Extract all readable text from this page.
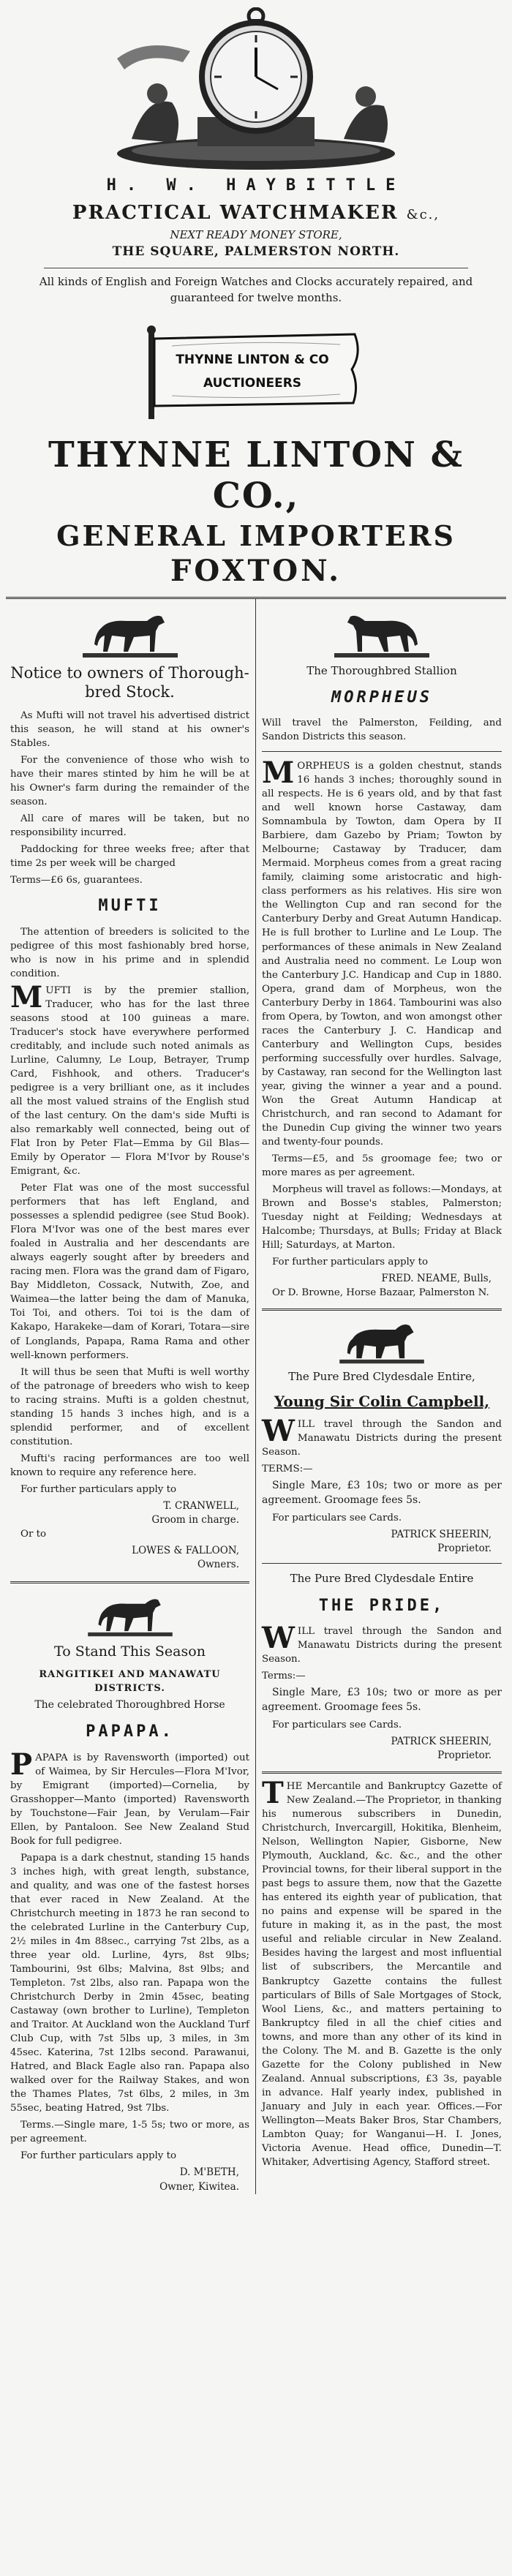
H. W. HAYBITTLE
PRACTICAL WATCHMAKER &c.,
NEXT READY MONEY STORE,
THE SQUARE, PALMERSTON NORTH.
All kinds of English and Foreign Watches and Clocks accurately repaired, and guaranteed for twelve months.
THYNNE LINTON & CO
AUCTIONEERS
THYNNE LINTON & CO.,
GENERAL IMPORTERS
FOXTON.
Notice to owners of Thorough-bred Stock.

As Mufti will not travel his advertised district this season, he will stand at his owner's Stables.

For the convenience of those who wish to have their mares stinted by him he will be at his Owner's farm during the remainder of the season.

All care of mares will be taken, but no responsibility incurred.

Paddocking for three weeks free; after that time 2s per week will be charged

Terms—£6 6s, guarantees.

MUFTI

The attention of breeders is solicited to the pedigree of this most fashionably bred horse, who is now in his prime and in splendid condition.

MUFTI is by the premier stallion, Traducer, who has for the last three seasons stood at 100 guineas a mare. Traducer's stock have everywhere performed creditably, and include such noted animals as Lurline, Calumny, Le Loup, Betrayer, Trump Card, Fishhook, and others. Traducer's pedigree is a very brilliant one, as it includes all the most valued strains of the English stud of the last century. On the dam's side Mufti is also remarkably well connected, being out of Flat Iron by Peter Flat—Emma by Gil Blas—Emily by Operator — Flora M'Ivor by Rouse's Emigrant, &c.

Peter Flat was one of the most successful performers that has left England, and possesses a splendid pedigree (see Stud Book). Flora M'Ivor was one of the best mares ever foaled in Australia and her descendants are always eagerly sought after by breeders and racing men. Flora was the grand dam of Figaro, Bay Middleton, Cossack, Nutwith, Zoe, and Waimea—the latter being the dam of Manuka, Toi Toi, and others. Toi toi is the dam of Kakapo, Harakeke—dam of Korari, Totara—sire of Longlands, Papapa, Rama Rama and other well-known performers.

It will thus be seen that Mufti is well worthy of the patronage of breeders who wish to keep to racing strains. Mufti is a golden chestnut, standing 15 hands 3 inches high, and is a splendid performer, and of excellent constitution.

Mufti's racing performances are too well known to require any reference here.

For further particulars apply to

T. CRANWELL,
Groom in charge.

Or to

LOWES & FALLOON,
Owners.
To Stand This Season
RANGITIKEI AND MANAWATU DISTRICTS.
The celebrated Thoroughbred Horse
PAPAPA.

PAPAPA is by Ravensworth (imported) out of Waimea, by Sir Hercules—Flora M'Ivor, by Emigrant (imported)—Cornelia, by Grasshopper—Manto (imported) Ravensworth by Touchstone—Fair Jean, by Verulam—Fair Ellen, by Pantaloon. See New Zealand Stud Book for full pedigree.

Papapa is a dark chestnut, standing 15 hands 3 inches high, with great length, substance, and quality, and was one of the fastest horses that ever raced in New Zealand. At the Christchurch meeting in 1873 he ran second to the celebrated Lurline in the Canterbury Cup, 2½ miles in 4m 88sec., carrying 7st 2lbs, as a three year old. Lurline, 4yrs, 8st 9lbs; Tambourini, 9st 6lbs; Malvina, 8st 9lbs; and Templeton. 7st 2lbs, also ran. Papapa won the Christchurch Derby in 2min 45sec, beating Castaway (own brother to Lurline), Templeton and Traitor. At Auckland won the Auckland Turf Club Cup, with 7st 5lbs up, 3 miles, in 3m 45sec. Katerina, 7st 12lbs second. Parawanui, Hatred, and Black Eagle also ran. Papapa also walked over for the Railway Stakes, and won the Thames Plates, 7st 6lbs, 2 miles, in 3m 55sec, beating Hatred, 9st 7lbs.

Terms.—Single mare, 1-5 5s; two or more, as per agreement.

For further particulars apply to

D. M'BETH,
Owner, Kiwitea.
The Thoroughbred Stallion
MORPHEUS

Will travel the Palmerston, Feilding, and Sandon Districts this season.

MORPHEUS is a golden chestnut, stands 16 hands 3 inches; thoroughly sound in all respects. He is 6 years old, and by that fast and well known horse Castaway, dam Somnambula by Towton, dam Opera by II Barbiere, dam Gazebo by Priam; Towton by Melbourne; Castaway by Traducer, dam Mermaid. Morpheus comes from a great racing family, claiming some aristocratic and high-class performers as his relatives. His sire won the Wellington Cup and ran second for the Canterbury Derby and Great Autumn Handicap. He is full brother to Lurline and Le Loup. The performances of these animals in New Zealand and Australia need no comment. Le Loup won the Canterbury J.C. Handicap and Cup in 1880. Opera, grand dam of Morpheus, won the Canterbury Derby in 1864. Tambourini was also from Opera, by Towton, and won amongst other races the Canterbury J. C. Handicap and Canterbury and Wellington Cups, besides performing successfully over hurdles. Salvage, by Castaway, ran second for the Wellington last year, giving the winner a year and a pound. Won the Great Autumn Handicap at Christchurch, and ran second to Adamant for the Dunedin Cup giving the winner two years and twenty-four pounds.

Terms—£5, and 5s groomage fee; two or more mares as per agreement.

Morpheus will travel as follows:—Mondays, at Brown and Bosse's stables, Palmerston; Tuesday night at Feilding; Wednesdays at Halcombe; Thursdays, at Bulls; Friday at Black Hill; Saturdays, at Marton.

For further particulars apply to

FRED. NEAME, Bulls,

Or D. Browne, Horse Bazaar, Palmerston N.

The Pure Bred Clydesdale Entire,
Young Sir Colin Campbell,

WILL travel through the Sandon and Manawatu Districts during the present Season.

TERMS:—

Single Mare, £3 10s; two or more as per agreement. Groomage fees 5s.

For particulars see Cards.

PATRICK SHEERIN,
Proprietor.
The Pure Bred Clydesdale Entire
THE PRIDE,

WILL travel through the Sandon and Manawatu Districts during the present Season.

Terms:—

Single Mare, £3 10s; two or more as per agreement. Groomage fees 5s.

For particulars see Cards.

PATRICK SHEERIN,
Proprietor.

THE Mercantile and Bankruptcy Gazette of New Zealand.—The Proprietor, in thanking his numerous subscribers in Dunedin, Christchurch, Invercargill, Hokitika, Blenheim, Nelson, Wellington Napier, Gisborne, New Plymouth, Auckland, &c. &c., and the other Provincial towns, for their liberal support in the past begs to assure them, now that the Gazette has entered its eighth year of publication, that no pains and expense will be spared in the future in making it, as in the past, the most useful and reliable circular in New Zealand. Besides having the largest and most influential list of subscribers, the Mercantile and Bankruptcy Gazette contains the fullest particulars of Bills of Sale Mortgages of Stock, Wool Liens, &c., and matters pertaining to Bankruptcy filed in all the chief cities and towns, and more than any other of its kind in the Colony. The M. and B. Gazette is the only Gazette for the Colony published in New Zealand. Annual subscriptions, £3 3s, payable in advance. Half yearly index, published in January and July in each year. Offices.—For Wellington—Meats Baker Bros, Star Chambers, Lambton Quay; for Wanganui—H. I. Jones, Victoria Avenue. Head office, Dunedin—T. Whitaker, Advertising Agency, Stafford street.
